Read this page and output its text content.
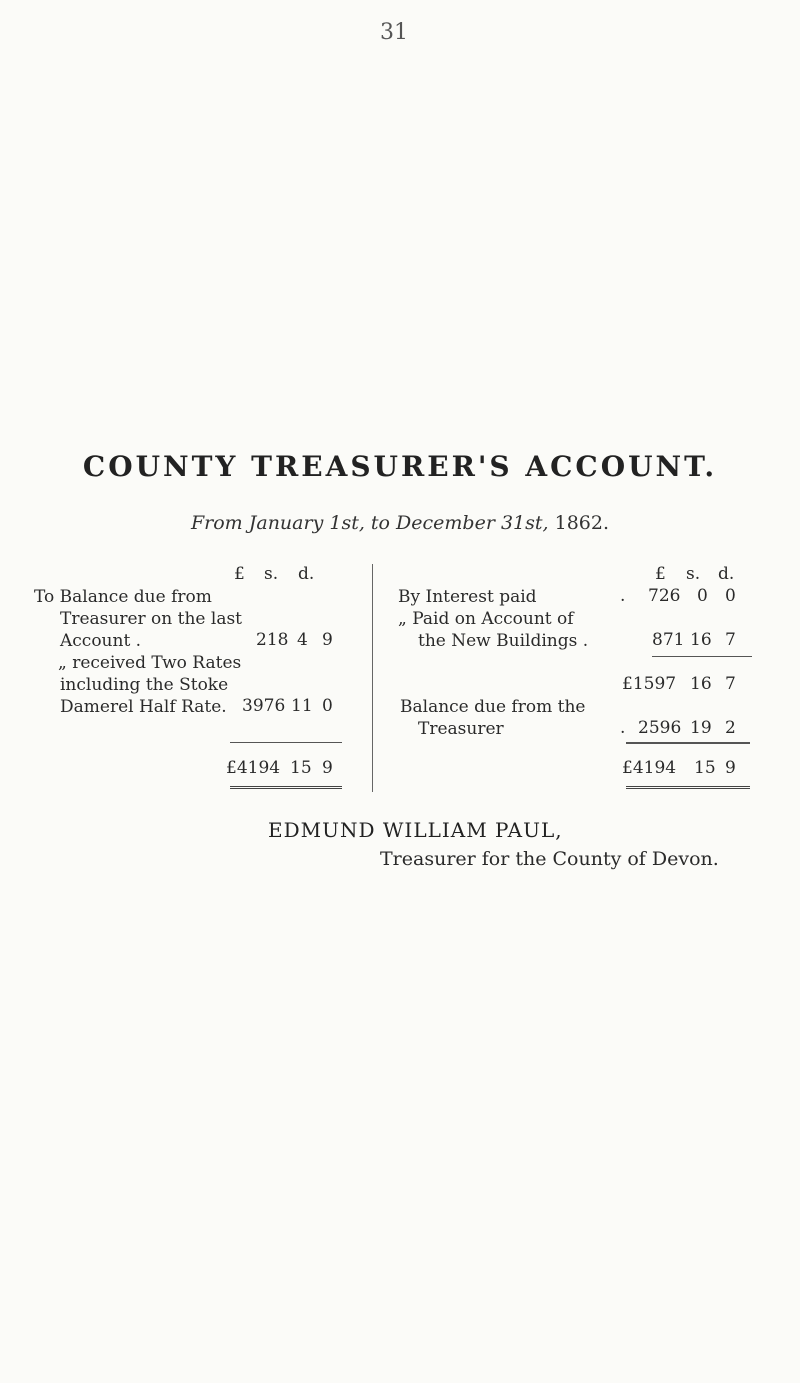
31
COUNTY TREASURER'S ACCOUNT.
From January 1st, to December 31st, 1862.
£ s. d.
To Balance due from
Treasurer on the last
Account .
„ received Two Rates
including the Stoke
Damerel Half Rate.
218 4 9
3976 11 0
£4194 15 9
£ s. d.
By Interest paid
„ Paid on Account of
the New Buildings .
Balance due from the
Treasurer
. 726 0 0
871 16 7
£1597 16 7
. 2596 19 2
£4194 15 9
EDMUND WILLIAM PAUL,
Treasurer for the County of Devon.
